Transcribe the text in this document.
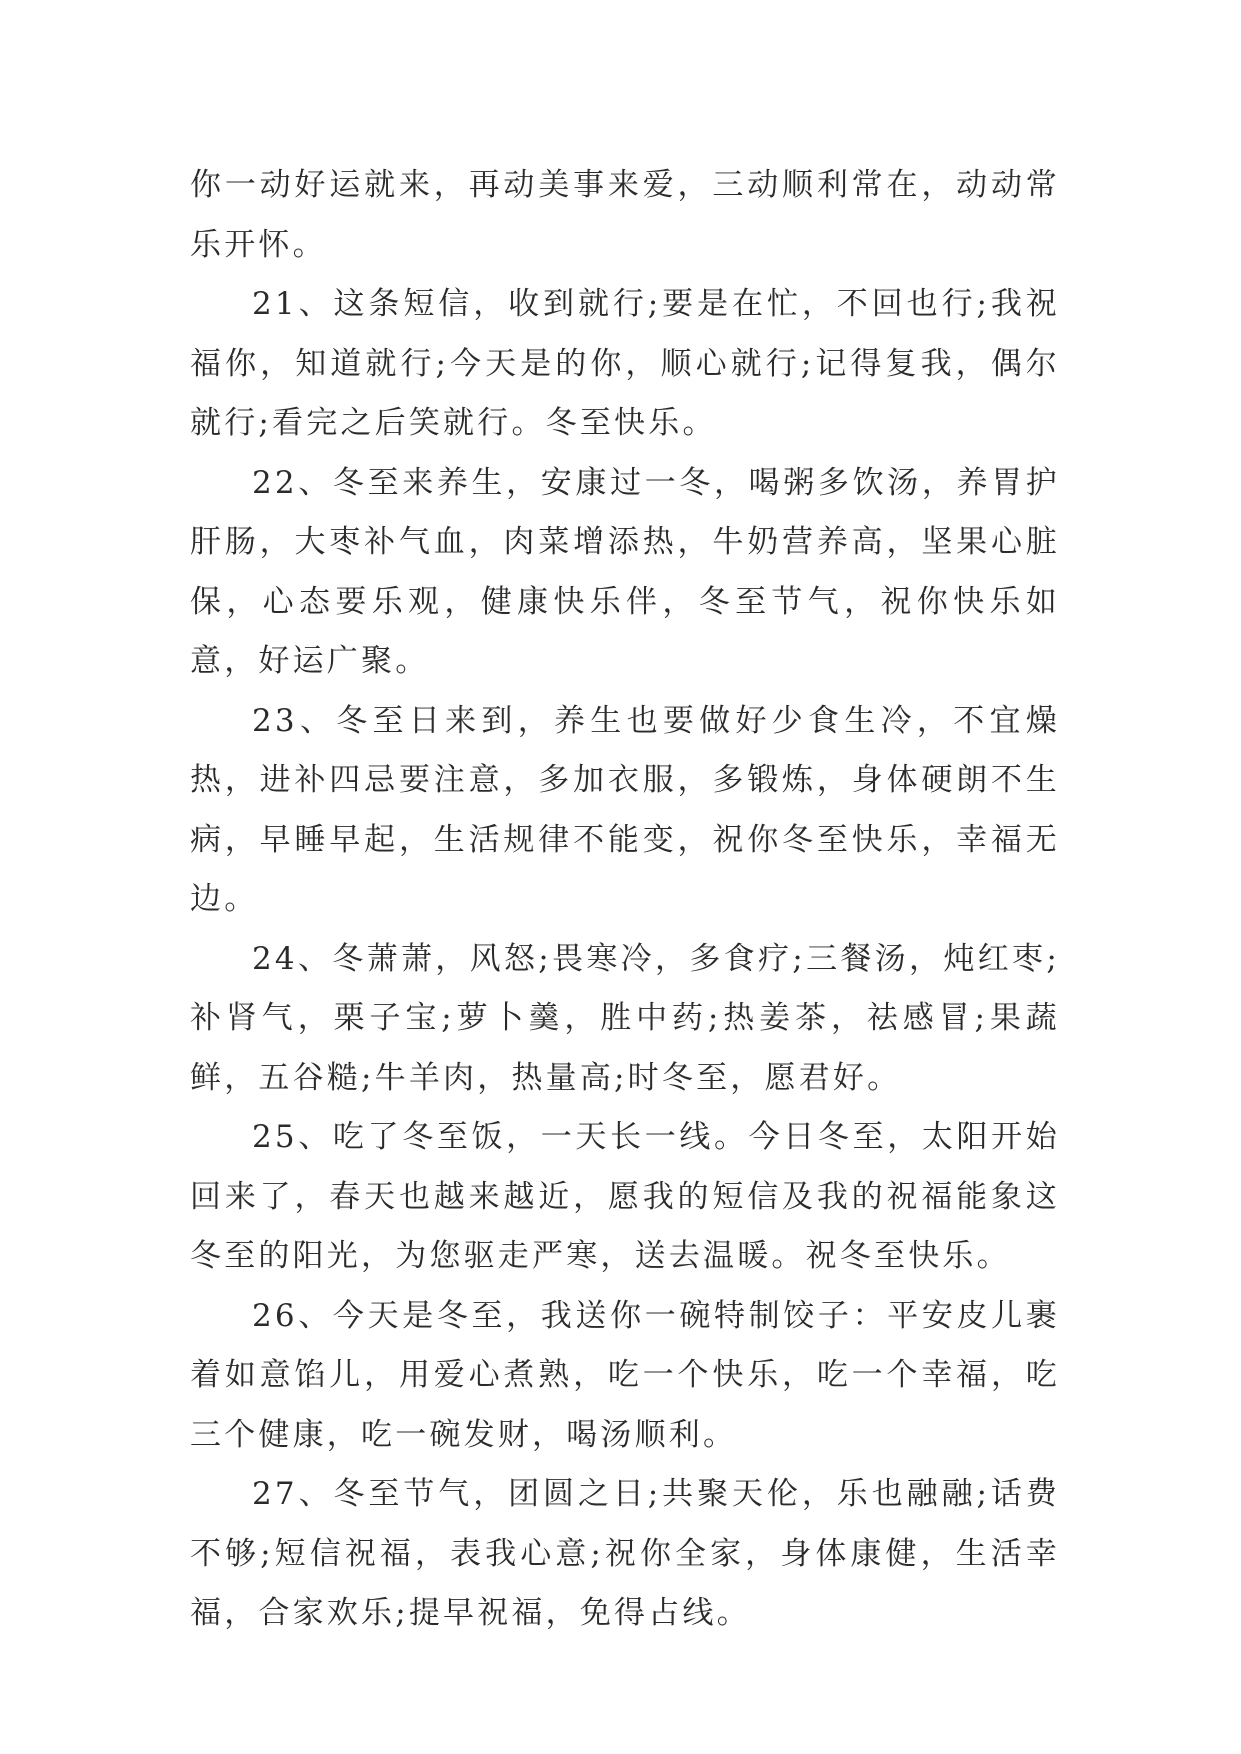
你一动好运就来，再动美事来爱，三动顺利常在，动动常乐开怀。

21、这条短信，收到就行;要是在忙，不回也行;我祝福你，知道就行;今天是的你，顺心就行;记得复我，偶尔就行;看完之后笑就行。冬至快乐。

22、冬至来养生，安康过一冬，喝粥多饮汤，养胃护肝肠，大枣补气血，肉菜增添热，牛奶营养高，坚果心脏保，心态要乐观，健康快乐伴，冬至节气，祝你快乐如意，好运广聚。

23、冬至日来到，养生也要做好少食生冷，不宜燥热，进补四忌要注意，多加衣服，多锻炼，身体硬朗不生病，早睡早起，生活规律不能变，祝你冬至快乐，幸福无边。

24、冬萧萧，风怒;畏寒冷，多食疗;三餐汤，炖红枣;补肾气，栗子宝;萝卜羹，胜中药;热姜茶，祛感冒;果蔬鲜，五谷糙;牛羊肉，热量高;时冬至，愿君好。

25、吃了冬至饭，一天长一线。今日冬至，太阳开始回来了，春天也越来越近，愿我的短信及我的祝福能象这冬至的阳光，为您驱走严寒，送去温暖。祝冬至快乐。

26、今天是冬至，我送你一碗特制饺子：平安皮儿裹着如意馅儿，用爱心煮熟，吃一个快乐，吃一个幸福，吃三个健康，吃一碗发财，喝汤顺利。

27、冬至节气，团圆之日;共聚天伦，乐也融融;话费不够;短信祝福，表我心意;祝你全家，身体康健，生活幸福，合家欢乐;提早祝福，免得占线。
